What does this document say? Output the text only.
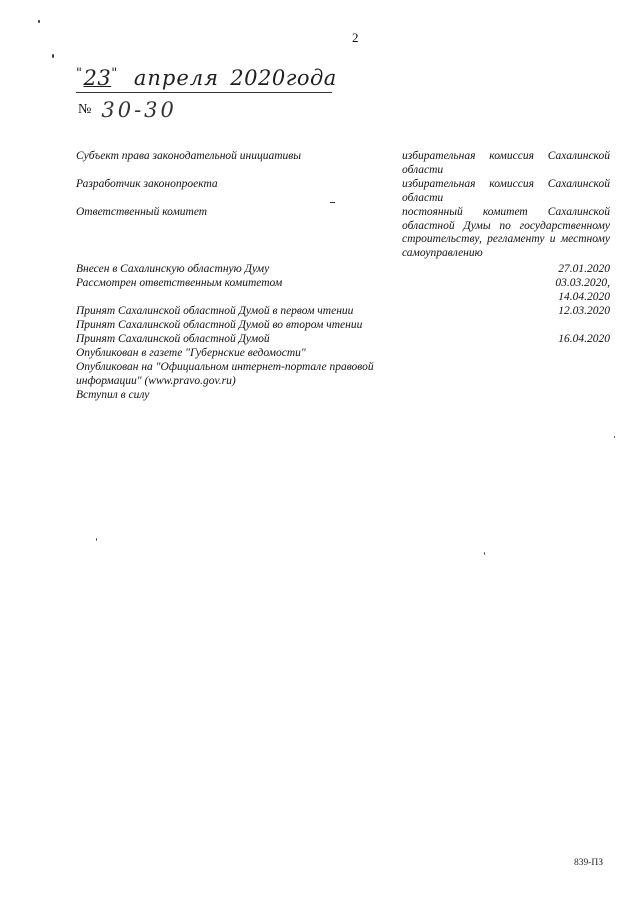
2
"23" апреля 2020года
№ 30-30
Субъект права законодательной инициативы	избирательная комиссия Сахалинской области
Разработчик законопроекта	избирательная комиссия Сахалинской области
Ответственный комитет	постоянный комитет Сахалинской областной Думы по государственному строительству, регламенту и местному самоуправлению
Внесен в Сахалинскую областную Думу	27.01.2020
Рассмотрен ответственным комитетом	03.03.2020,
14.04.2020
Принят Сахалинской областной Думой в первом чтении	12.03.2020
Принят Сахалинской областной Думой во втором чтении
Принят Сахалинской областной Думой	16.04.2020
Опубликован в газете "Губернские ведомости"
Опубликован на "Официальном интернет-портале правовой информации" (www.pravo.gov.ru)
Вступил в силу
839-ПЗ
